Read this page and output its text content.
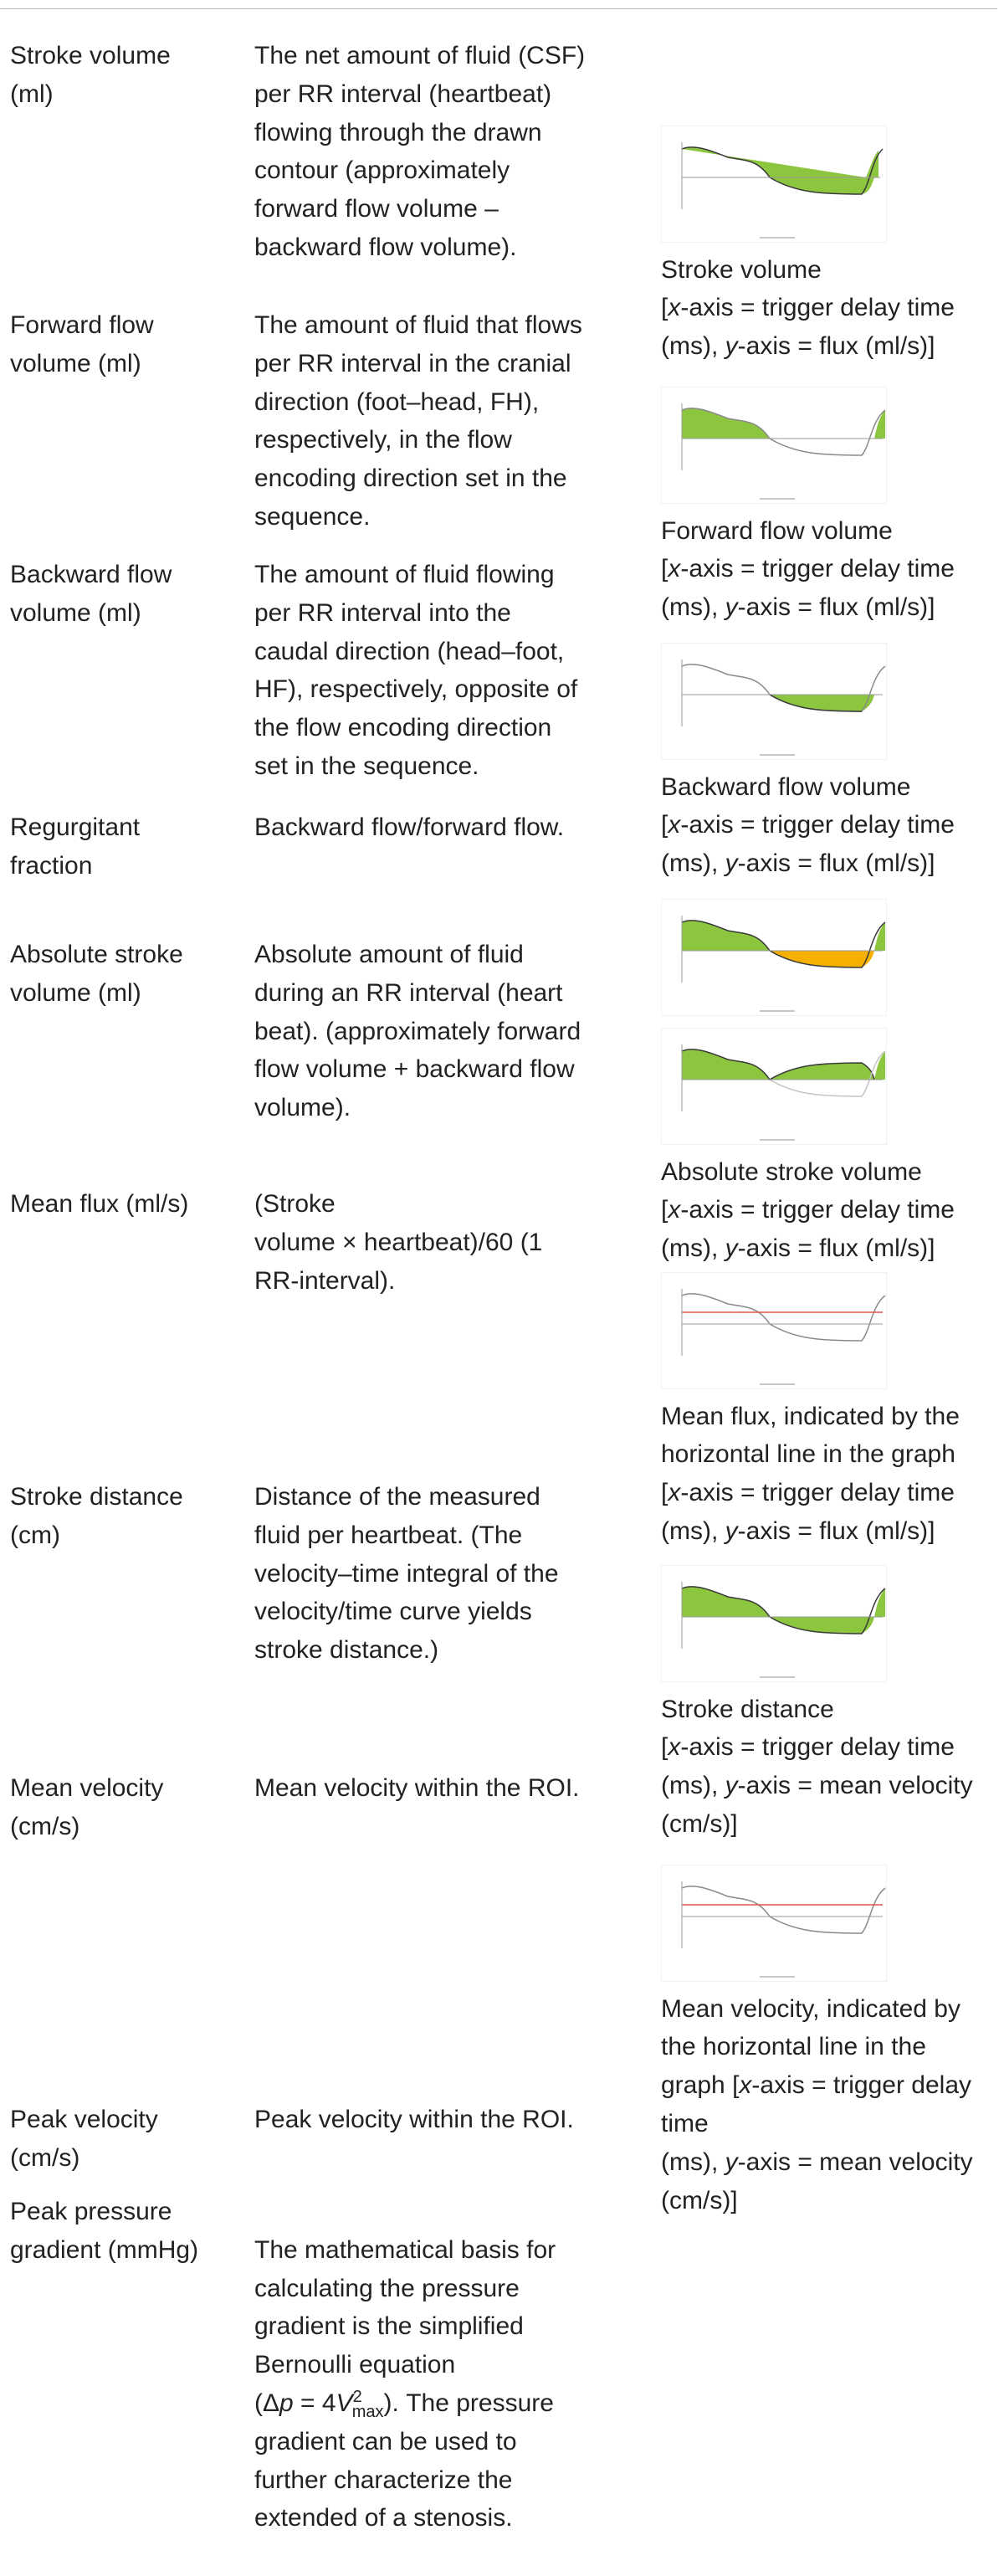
Stroke volume
(ml)
The net amount of fluid (CSF)
per RR interval (heartbeat)
flowing through the drawn
contour (approximately
forward flow volume –
backward flow volume).

Stroke volume
[x-axis = trigger delay time
(ms), y-axis = flux (ml/s)]

Forward flow
volume (ml)
The amount of fluid that flows
per RR interval in the cranial
direction (foot–head, FH),
respectively, in the flow
encoding direction set in the
sequence.

Forward flow volume
[x-axis = trigger delay time
(ms), y-axis = flux (ml/s)]

Backward flow
volume (ml)
The amount of fluid flowing
per RR interval into the
caudal direction (head–foot,
HF), respectively, opposite of
the flow encoding direction
set in the sequence.

Backward flow volume
[x-axis = trigger delay time
(ms), y-axis = flux (ml/s)]

Regurgitant
fraction
Backward flow/forward flow.

Absolute stroke
volume (ml)
Absolute amount of fluid
during an RR interval (heart
beat). (approximately forward
flow volume + backward flow
volume).

Absolute stroke volume
[x-axis = trigger delay time
(ms), y-axis = flux (ml/s)]

Mean flux (ml/s)	(Stroke
volume × heartbeat)/60 (1
RR-interval).

Mean flux, indicated by the
horizontal line in the graph
[x-axis = trigger delay time
(ms), y-axis = flux (ml/s)]

Stroke distance
(cm)
Distance of the measured
fluid per heartbeat. (The
velocity–time integral of the
velocity/time curve yields
stroke distance.)

Stroke distance
[x-axis = trigger delay time
(ms), y-axis = mean velocity
(cm/s)]

Mean velocity
(cm/s)
Mean velocity within the ROI.

Mean velocity, indicated by
the horizontal line in the
graph [x-axis = trigger delay time
(ms), y-axis = mean velocity
(cm/s)]

Peak velocity
(cm/s)
Peak velocity within the ROI.
Peak pressure
gradient (mmHg)	The mathematical basis for
calculating the pressure
gradient is the simplified
Bernoulli equation

$(\Delta p = 4V^2_{max})$. The pressure
gradient can be used to
further characterize the
extended of a stenosis.
